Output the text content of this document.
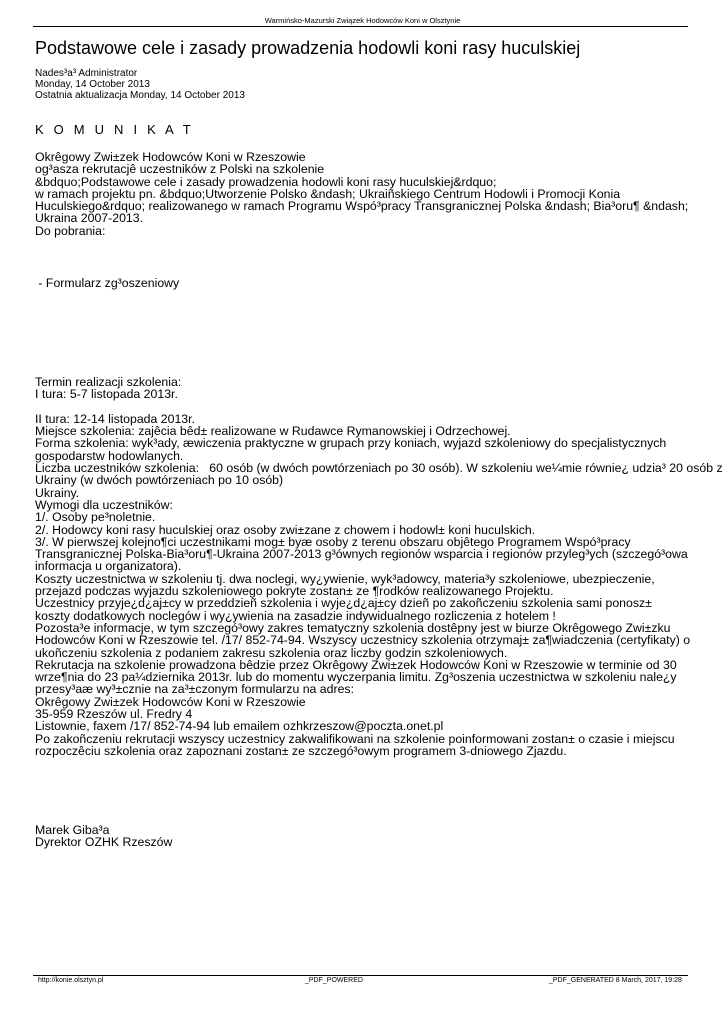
Warmińsko-Mazurski Związek Hodowców Koni w Olsztynie
Podstawowe cele i zasady prowadzenia hodowli koni rasy huculskiej
Nades³a³ Administrator
Monday, 14 October 2013
Ostatnia aktualizacja Monday, 14 October 2013
K O M U N I K A T
Okrêgowy Zwi±zek Hodowców Koni w Rzeszowie
og³asza rekrutacjê uczestników z Polski na szkolenie
&bdquo;Podstawowe cele i zasady prowadzenia hodowli koni rasy huculskiej&rdquo;
w ramach projektu pn. &bdquo;Utworzenie Polsko &ndash; Ukraiñskiego Centrum Hodowli i Promocji Konia
Huculskiego&rdquo; realizowanego w ramach Programu Wspó³pracy Transgranicznej Polska &ndash; Bia³oru¶ &ndash;
Ukraina 2007-2013.
Do pobrania:
- Formularz zg³oszeniowy
Termin realizacji szkolenia:
I tura: 5-7 listopada 2013r.
II tura: 12-14 listopada 2013r.
Miejsce szkolenia: zajêcia bêd± realizowane w Rudawce Rymanowskiej i Odrzechowej.
Forma szkolenia: wyk³ady, æwiczenia praktyczne w grupach przy koniach, wyjazd szkoleniowy do specjalistycznych
gospodarstw hodowlanych.
Liczba uczestników szkolenia:   60 osób (w dwóch powtórzeniach po 30 osób). W szkoleniu we¼mie równie¿ udzia³ 20 osób z
Ukrainy (w dwóch powtórzeniach po 10 osób)
Ukrainy.
Wymogi dla uczestników:
1/. Osoby pe³noletnie.
2/. Hodowcy koni rasy huculskiej oraz osoby zwi±zane z chowem i hodowl± koni huculskich.
3/. W pierwszej kolejno¶ci uczestnikami mog± byæ osoby z terenu obszaru objêtego Programem Wspó³pracy
Transgranicznej Polska-Bia³oru¶-Ukraina 2007-2013 g³ównych regionów wsparcia i regionów przyleg³ych (szczegó³owa
informacja u organizatora).
Koszty uczestnictwa w szkoleniu tj. dwa noclegi, wy¿ywienie, wyk³adowcy, materia³y szkoleniowe, ubezpieczenie,
przejazd podczas wyjazdu szkoleniowego pokryte zostan± ze ¶rodków realizowanego Projektu.
Uczestnicy przyje¿d¿aj±cy w przeddzieñ szkolenia i wyje¿d¿aj±cy dzieñ po zakoñczeniu szkolenia sami ponosz±
koszty dodatkowych noclegów i wy¿ywienia na zasadzie indywidualnego rozliczenia z hotelem !
Pozosta³e informacje, w tym szczegó³owy zakres tematyczny szkolenia dostêpny jest w biurze Okrêgowego Zwi±zku
Hodowców Koni w Rzeszowie tel. /17/ 852-74-94. Wszyscy uczestnicy szkolenia otrzymaj± za¶wiadczenia (certyfikaty) o
ukoñczeniu szkolenia z podaniem zakresu szkolenia oraz liczby godzin szkoleniowych.
Rekrutacja na szkolenie prowadzona bêdzie przez Okrêgowy Zwi±zek Hodowców Koni w Rzeszowie w terminie od 30
wrze¶nia do 23 pa¼dziernika 2013r. lub do momentu wyczerpania limitu. Zg³oszenia uczestnictwa w szkoleniu nale¿y
przesy³aæ wy³±cznie na za³±czonym formularzu na adres:
Okrêgowy Zwi±zek Hodowców Koni w Rzeszowie
35-959 Rzeszów ul. Fredry 4
Listownie, faxem /17/ 852-74-94 lub emailem ozhkrzeszow@poczta.onet.pl
Po zakoñczeniu rekrutacji wszyscy uczestnicy zakwalifikowani na szkolenie poinformowani zostan± o czasie i miejscu
rozpoczêciu szkolenia oraz zapoznani zostan± ze szczegó³owym programem 3-dniowego Zjazdu.
Marek Giba³a
Dyrektor OZHK Rzeszów
http://konie.olsztyn.pl	_PDF_POWERED	_PDF_GENERATED 8 March, 2017, 19:28
